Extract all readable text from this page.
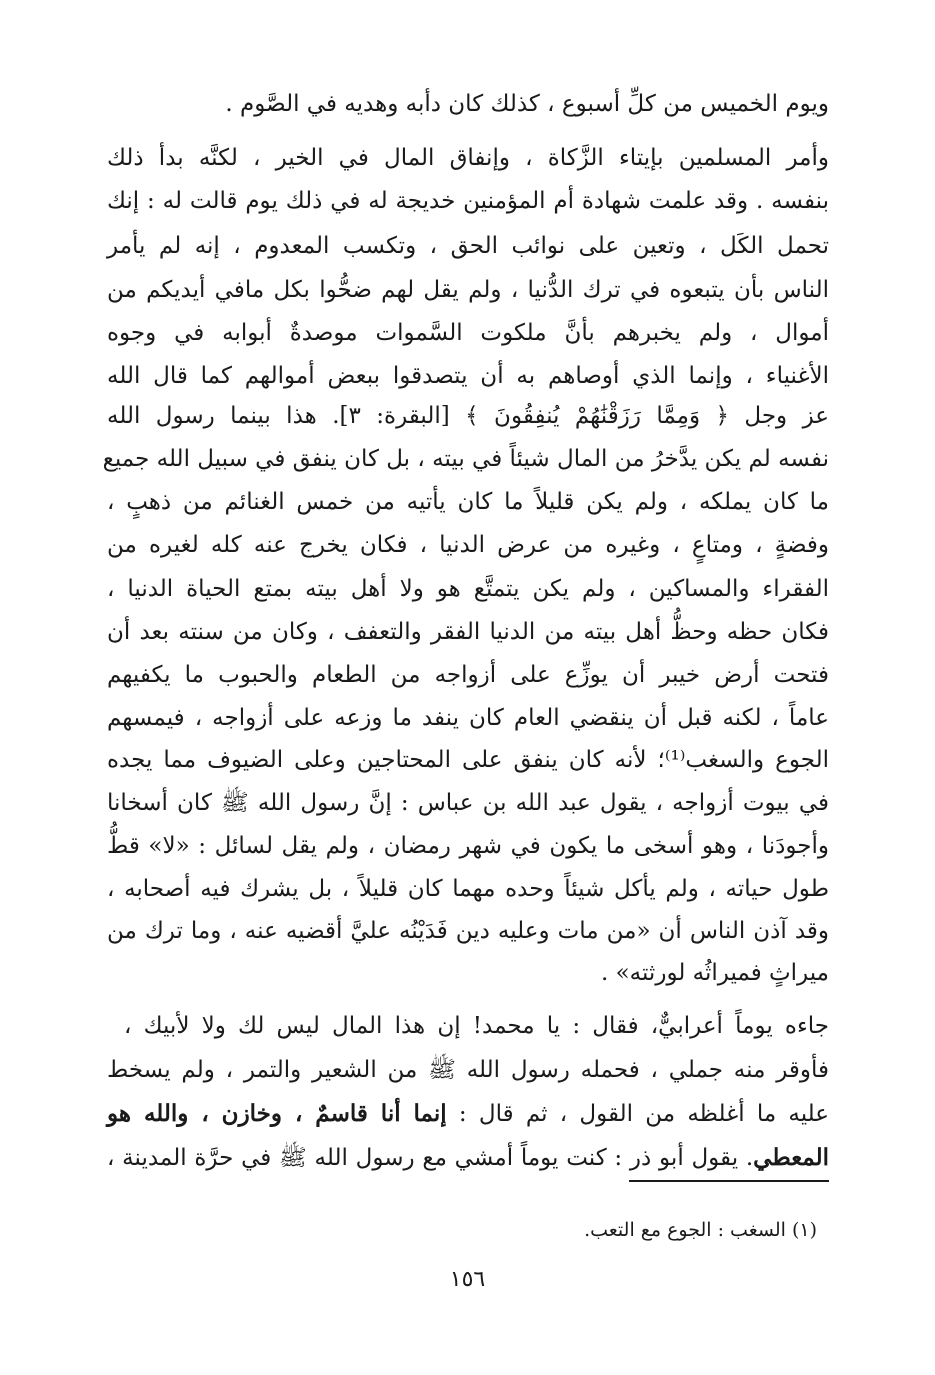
ويوم الخميس من كلِّ أسبوع ، كذلك كان دأبه وهديه في الصَّوم .
وأمر المسلمين بإيتاء الزَّكاة ، وإنفاق المال في الخير ، لكنَّه بدأ ذلك
بنفسه . وقد علمت شهادة أم المؤمنين خديجة له في ذلك يوم قالت له : إنك
تحمل الكَل ، وتعين على نوائب الحق ، وتكسب المعدوم ، إنه لم يأمر
الناس بأن يتبعوه في ترك الدُّنيا ، ولم يقل لهم ضحُّوا بكل مافي أيديكم من
أموال ، ولم يخبرهم بأنَّ ملكوت السَّموات موصدةٌ أبوابه في وجوه
الأغنياء ، وإنما الذي أوصاهم به أن يتصدقوا ببعض أموالهم كما قال الله
عز وجل ﴿ وَمِمَّا رَزَقْنَٰهُمْ يُنفِقُونَ ﴾ [البقرة: ٣]. هذا بينما رسول الله
نفسه لم يكن يدَّخرُ من المال شيئاً في بيته ، بل كان ينفق في سبيل الله جميع
ما كان يملكه ، ولم يكن قليلاً ما كان يأتيه من خمس الغنائم من ذهبٍ ،
وفضةٍ ، ومتاعٍ ، وغيره من عرض الدنيا ، فكان يخرج عنه كله لغيره من
الفقراء والمساكين ، ولم يكن يتمتَّع هو ولا أهل بيته بمتع الحياة الدنيا ،
فكان حظه وحظُّ أهل بيته من الدنيا الفقر والتعفف ، وكان من سنته بعد أن
فتحت أرض خيبر أن يوزِّع على أزواجه من الطعام والحبوب ما يكفيهم
عاماً ، لكنه قبل أن ينقضي العام كان ينفد ما وزعه على أزواجه ، فيمسهم
الجوع والسغب⁽¹⁾؛ لأنه كان ينفق على المحتاجين وعلى الضيوف مما يجده
في بيوت أزواجه ، يقول عبد الله بن عباس : إنَّ رسول الله ﷺ كان أسخانا
وأجودَنا ، وهو أسخى ما يكون في شهر رمضان ، ولم يقل لسائل : «لا» قطُّ
طول حياته ، ولم يأكل شيئاً وحده مهما كان قليلاً ، بل يشرك فيه أصحابه ،
وقد آذن الناس أن «من مات وعليه دين فَدَيْنُه عليَّ أقضيه عنه ، وما ترك من
ميراثٍ فميراثُه لورثته» .
جاءه يوماً أعرابيٌّ، فقال : يا محمد! إن هذا المال ليس لك ولا لأبيك ،
فأوقر منه جملي ، فحمله رسول الله ﷺ من الشعير والتمر ، ولم يسخط
عليه ما أغلظه من القول ، ثم قال : إنما أنا قاسمٌ ، وخازن ، والله هو
المعطي. يقول أبو ذر : كنت يوماً أمشي مع رسول الله ﷺ في حرَّة المدينة ،
(١) السغب : الجوع مع التعب.
١٥٦
